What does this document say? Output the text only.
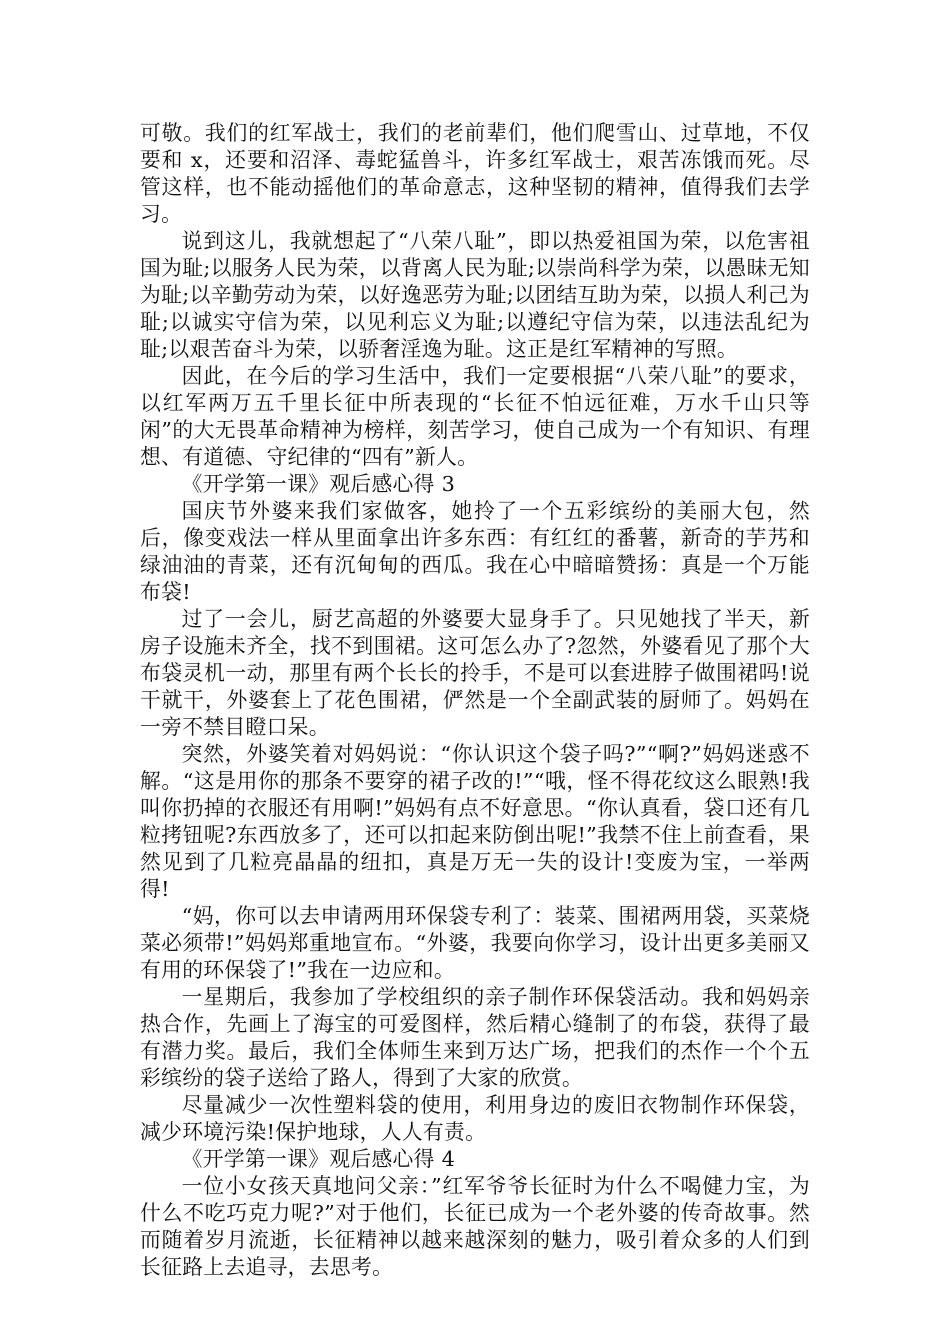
可敬。我们的红军战士，我们的老前辈们，他们爬雪山、过草地，不仅要和 x，还要和沼泽、毒蛇猛兽斗，许多红军战士，艰苦冻饿而死。尽管这样，也不能动摇他们的革命意志，这种坚韧的精神，值得我们去学习。

说到这儿，我就想起了“八荣八耻”，即以热爱祖国为荣，以危害祖国为耻;以服务人民为荣，以背离人民为耻;以崇尚科学为荣，以愚昧无知为耻;以辛勤劳动为荣，以好逸恶劳为耻;以团结互助为荣，以损人利己为耻;以诚实守信为荣，以见利忘义为耻;以遵纪守信为荣，以违法乱纪为耻;以艰苦奋斗为荣，以骄奢淫逸为耻。这正是红军精神的写照。

因此，在今后的学习生活中，我们一定要根据“八荣八耻”的要求，以红军两万五千里长征中所表现的“长征不怕远征难，万水千山只等闲”的大无畏革命精神为榜样，刻苦学习，使自己成为一个有知识、有理想、有道德、守纪律的“四有”新人。

《开学第一课》观后感心得 3

国庆节外婆来我们家做客，她拎了一个五彩缤纷的美丽大包，然后，像变戏法一样从里面拿出许多东西：有红红的番薯，新奇的芋艿和绿油油的青菜，还有沉甸甸的西瓜。我在心中暗暗赞扬：真是一个万能布袋!

过了一会儿，厨艺高超的外婆要大显身手了。只见她找了半天，新房子设施未齐全，找不到围裙。这可怎么办了?忽然，外婆看见了那个大布袋灵机一动，那里有两个长长的拎手，不是可以套进脖子做围裙吗!说干就干，外婆套上了花色围裙，俨然是一个全副武装的厨师了。妈妈在一旁不禁目瞪口呆。

突然，外婆笑着对妈妈说：“你认识这个袋子吗?”“啊?”妈妈迷惑不解。“这是用你的那条不要穿的裙子改的!”“哦，怪不得花纹这么眼熟!我叫你扔掉的衣服还有用啊!”妈妈有点不好意思。“你认真看，袋口还有几粒拷钮呢?东西放多了，还可以扣起来防倒出呢!”我禁不住上前查看，果然见到了几粒亮晶晶的纽扣，真是万无一失的设计!变废为宝，一举两得!

“妈，你可以去申请两用环保袋专利了：装菜、围裙两用袋，买菜烧菜必须带!”妈妈郑重地宣布。“外婆，我要向你学习，设计出更多美丽又有用的环保袋了!”我在一边应和。

一星期后，我参加了学校组织的亲子制作环保袋活动。我和妈妈亲热合作，先画上了海宝的可爱图样，然后精心缝制了的布袋，获得了最有潜力奖。最后，我们全体师生来到万达广场，把我们的杰作一个个五彩缤纷的袋子送给了路人，得到了大家的欣赏。

尽量减少一次性塑料袋的使用，利用身边的废旧衣物制作环保袋，减少环境污染!保护地球，人人有责。

《开学第一课》观后感心得 4

一位小女孩天真地问父亲：”红军爷爷长征时为什么不喝健力宝，为什么不吃巧克力呢?”对于他们，长征已成为一个老外婆的传奇故事。然而随着岁月流逝，长征精神以越来越深刻的魅力，吸引着众多的人们到长征路上去追寻，去思考。
